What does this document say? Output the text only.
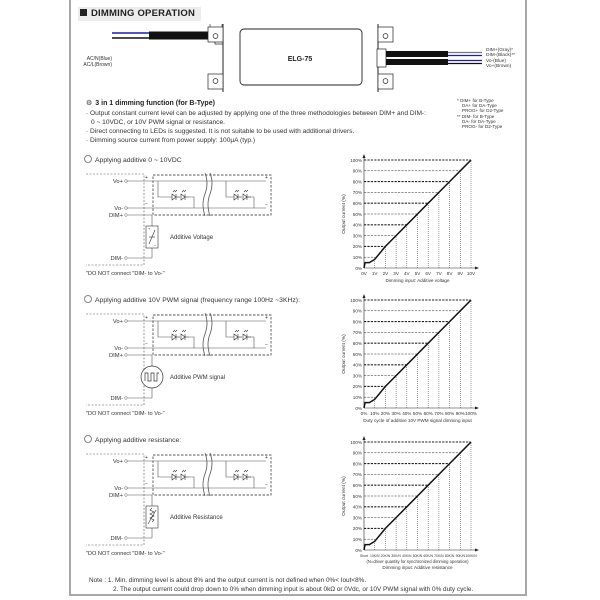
DIMMING OPERATION
ELG-75
AC/N(Blue)
AC/L(Brown)
DIM+(Gray)*
DIM-(Black)**
Vo-(Blue)
Vo+(Brown)
* DIM+ for B-Type
DA+ for DA-Type
PROG+ for D2-Type
** DIM- for B-Type
DA- for DA-Type
PROG- for D2-Type
⚙ 3 in 1 dimming function (for B-Type)
· Output constant current level can be adjusted by applying one of the three methodologies between DIM+ and DIM-:
0 ~ 10VDC, or 10V PWM signal or resistance.
· Direct connecting to LEDs is suggested. It is not suitable to be used with additional drivers.
· Dimming source current from power supply: 100µA (typ.)
Applying additive 0 ~ 10VDC
Applying additive 10V PWM signal (frequency range 100Hz ~3KHz):
Applying additive resistance:
+
−
+
−
Vo+
Vo-
DIM+
DIM-
+
−
Additive Voltage
"DO NOT connect "DIM- to Vo-"
+
−
+
−
Vo+
Vo-
DIM+
DIM-
Additive PWM signal
"DO NOT connect "DIM- to Vo-"
+
−
+
−
Vo+
Vo-
DIM+
DIM-
Additive Resistance
"DO NOT connect "DIM- to Vo-"
0%
10%
20%
30%
40%
50%
60%
70%
80%
90%
100%
0V 1V 2V 3V 4V 5V 6V 7V 8V 9V 10V
Output current (%)
Dimming input: Additive voltage
0%
10%
20%
30%
40%
50%
60%
70%
80%
90%
100%
0% 10% 20% 30% 40% 50% 60% 70% 80% 90% 100%
Output current (%)
Duty cycle of additive 10V PWM signal dimming input
0%
10%
20%
30%
40%
50%
60%
70%
80%
90%
100%
Short 10K/N 20K/N 30K/N 40K/N 50K/N 60K/N 70K/N 80K/N 90K/N 100K/N
Output current (%)
(N=driver quantity for synchronized dimming operation)
Dimming input: Additive resistance
Note : 1. Min. dimming level is about 8% and the output current is not defined when 0%< Iout<8%.
2. The output current could drop down to 0% when dimming input is about 0kΩ or 0Vdc, or 10V PWM signal with 0% duty cycle.
